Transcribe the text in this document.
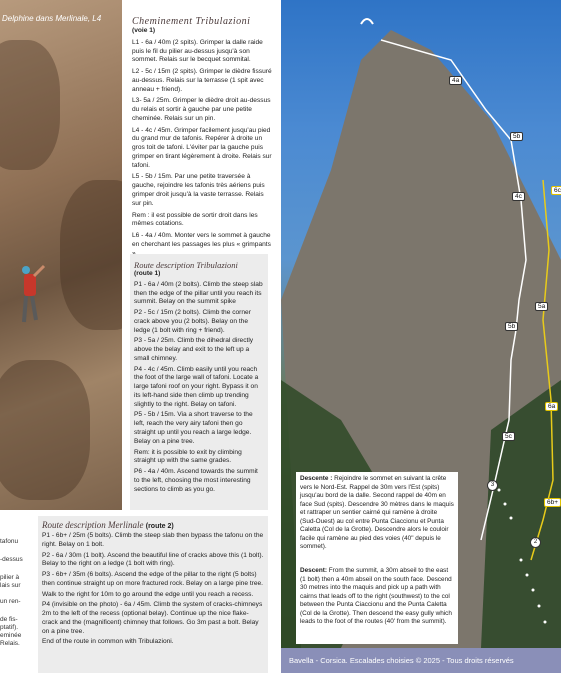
Delphine dans Merlinale, L4
tafonu
-dessus
pilier à
lais sur
un ren-
de fis-
ptatif).
eminée
Relais.
Cheminement Tribulazioni
(voie 1)
L1 - 6a / 40m (2 spits). Grimper la dalle raide puis le fil du pilier au-dessus jusqu'à son sommet. Relais sur le becquet sommital.
L2 - 5c / 15m (2 spits). Grimper le dièdre fissuré au-dessus. Relais sur la terrasse (1 spit avec anneau + friend).
L3- 5a / 25m. Grimper le dièdre droit au-dessus du relais et sortir à gauche par une petite cheminée. Relais sur un pin.
L4 - 4c / 45m. Grimper facilement jusqu'au pied du grand mur de tafonis. Repérer à droite un gros toit de tafoni. L'éviter par la gauche puis grimper en tirant légèrement à droite. Relais sur tafoni.
L5 - 5b / 15m. Par une petite traversée à gauche, rejoindre les tafonis très aériens puis grimper droit jusqu'à la vaste terrasse. Relais sur pin.
Rem : il est possible de sortir droit dans les mêmes cotations.
L6 - 4a / 40m. Monter vers le sommet à gauche en cherchant les passages les plus « grimpants
Route description Tribulazioni
(route 1)
P1 - 6a / 40m (2 bolts). Climb the steep slab then the edge of the pillar until you reach its summit. Belay on the summit spike
P2 - 5c / 15m (2 bolts). Climb the corner crack above you (2 bolts). Belay on the ledge (1 bolt with ring + friend).
P3 - 5a / 25m. Climb the dihedral directly above the belay and exit to the left up a small chimney.
P4 - 4c / 45m. Climb easily until you reach the foot of the large wall of tafoni. Locate a large tafoni roof on your right. Bypass it on its left-hand side then climb up trending slightly to the right. Belay on tafoni.
P5 - 5b / 15m. Via a short traverse to the left, reach the very airy tafoni then go straight up until you reach a large ledge. Belay on a pine tree.
Rem: it is possible to exit by climbing straight up with the same grades.
P6 - 4a / 40m. Ascend towards the summit to the left, choosing the most interesting sections to climb as you go.
Route description Merlinale (route 2)
P1 - 6b+ / 25m (5 bolts). Climb the steep slab then bypass the tafonu on the right. Belay on 1 bolt.
P2 - 6a / 30m (1 bolt). Ascend the beautiful line of cracks above this (1 bolt). Belay to the right on a ledge (1 bolt with ring).
P3 - 6b+ / 35m (6 bolts). Ascend the edge of the pillar to the right (5 bolts) then continue straight up on more fractured rock. Belay on a large pine tree.
Walk to the right for 10m to go around the edge until you reach a recess.
P4 (invisible on the photo) - 6a / 45m. Climb the system of cracks-chimneys 2m to the left of the recess (optional belay). Continue up the nice flake-crack and the (magnificent) chimney that follows. Go 3m past a bolt. Belay on a pine tree.
End of the route in common with Tribulazioni.
4a
5b
4c
5a
5b
6a
5c
6b+
6c
3
2
Descente : Rejoindre le sommet en suivant la crête vers le Nord-Est. Rappel de 30m vers l'Est (spits) jusqu'au bord de la dalle. Second rappel de 40m en face Sud (spits). Descendre 30 mètres dans le maquis et rattraper un sentier cairné qui ramène à droite (Sud-Ouest) au col entre Punta Ciaccionu et Punta Caletta (Col de la Grotte). Descendre alors le couloir facile qui ramène au pied des voies (40" depuis le sommet).
Descent: From the summit, a 30m abseil to the east (1 bolt) then a 40m abseil on the south face. Descend 30 metres into the maquis and pick up a path with cairns that leads off to the right (southwest) to the col between the Punta Ciaccionu and the Punta Caletta (Col de la Grotte). Then descend the easy gully which leads to the foot of the routes (40' from the summit).
Bavella - Corsica. Escalades choisies © 2025 - Tous droits réservés
